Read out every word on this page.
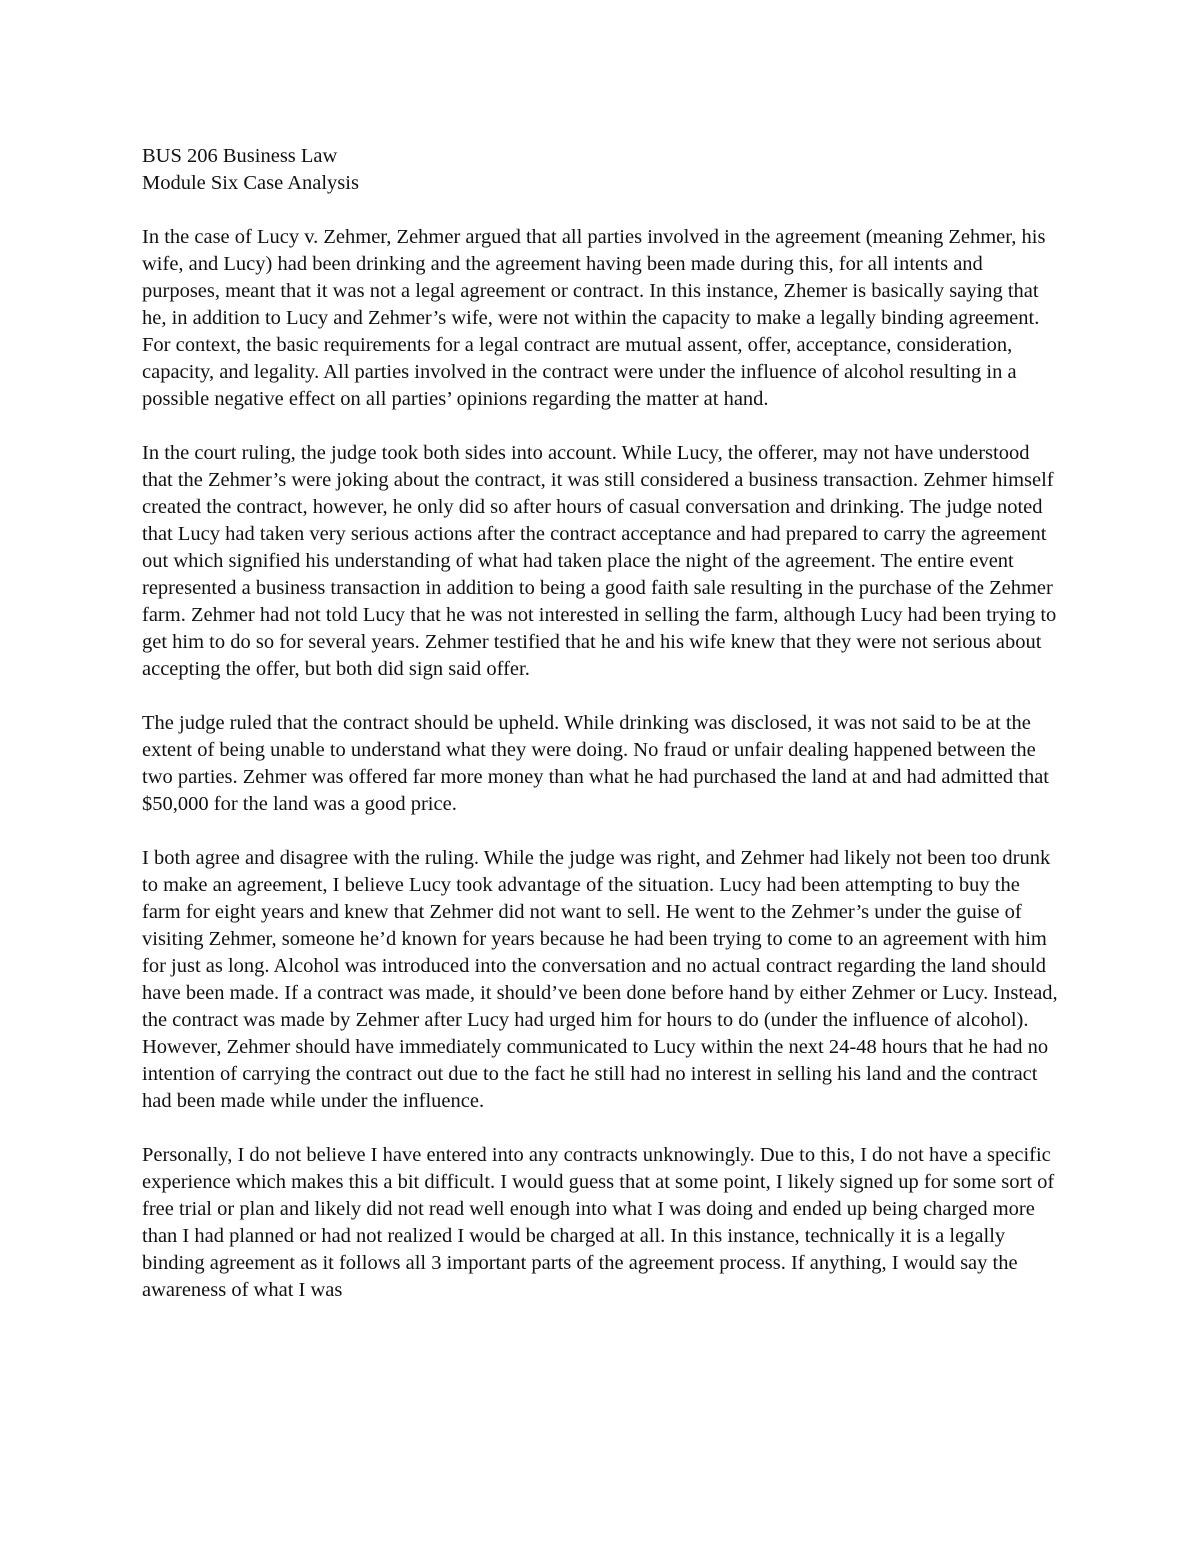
BUS 206 Business Law
Module Six Case Analysis

In the case of Lucy v. Zehmer, Zehmer argued that all parties involved in the agreement (meaning Zehmer, his wife, and Lucy) had been drinking and the agreement having been made during this, for all intents and purposes, meant that it was not a legal agreement or contract. In this instance, Zhemer is basically saying that he, in addition to Lucy and Zehmer’s wife, were not within the capacity to make a legally binding agreement. For context, the basic requirements for a legal contract are mutual assent, offer, acceptance, consideration, capacity, and legality. All parties involved in the contract were under the influence of alcohol resulting in a possible negative effect on all parties’ opinions regarding the matter at hand.

In the court ruling, the judge took both sides into account. While Lucy, the offerer, may not have understood that the Zehmer’s were joking about the contract, it was still considered a business transaction. Zehmer himself created the contract, however, he only did so after hours of casual conversation and drinking. The judge noted that Lucy had taken very serious actions after the contract acceptance and had prepared to carry the agreement out which signified his understanding of what had taken place the night of the agreement. The entire event represented a business transaction in addition to being a good faith sale resulting in the purchase of the Zehmer farm. Zehmer had not told Lucy that he was not interested in selling the farm, although Lucy had been trying to get him to do so for several years. Zehmer testified that he and his wife knew that they were not serious about accepting the offer, but both did sign said offer.

The judge ruled that the contract should be upheld. While drinking was disclosed, it was not said to be at the extent of being unable to understand what they were doing. No fraud or unfair dealing happened between the two parties. Zehmer was offered far more money than what he had purchased the land at and had admitted that $50,000 for the land was a good price.

I both agree and disagree with the ruling. While the judge was right, and Zehmer had likely not been too drunk to make an agreement, I believe Lucy took advantage of the situation. Lucy had been attempting to buy the farm for eight years and knew that Zehmer did not want to sell. He went to the Zehmer’s under the guise of visiting Zehmer, someone he’d known for years because he had been trying to come to an agreement with him for just as long. Alcohol was introduced into the conversation and no actual contract regarding the land should have been made. If a contract was made, it should’ve been done before hand by either Zehmer or Lucy. Instead, the contract was made by Zehmer after Lucy had urged him for hours to do (under the influence of alcohol). However, Zehmer should have immediately communicated to Lucy within the next 24-48 hours that he had no intention of carrying the contract out due to the fact he still had no interest in selling his land and the contract had been made while under the influence.

Personally, I do not believe I have entered into any contracts unknowingly. Due to this, I do not have a specific experience which makes this a bit difficult. I would guess that at some point, I likely signed up for some sort of free trial or plan and likely did not read well enough into what I was doing and ended up being charged more than I had planned or had not realized I would be charged at all. In this instance, technically it is a legally binding agreement as it follows all 3 important parts of the agreement process. If anything, I would say the awareness of what I was
